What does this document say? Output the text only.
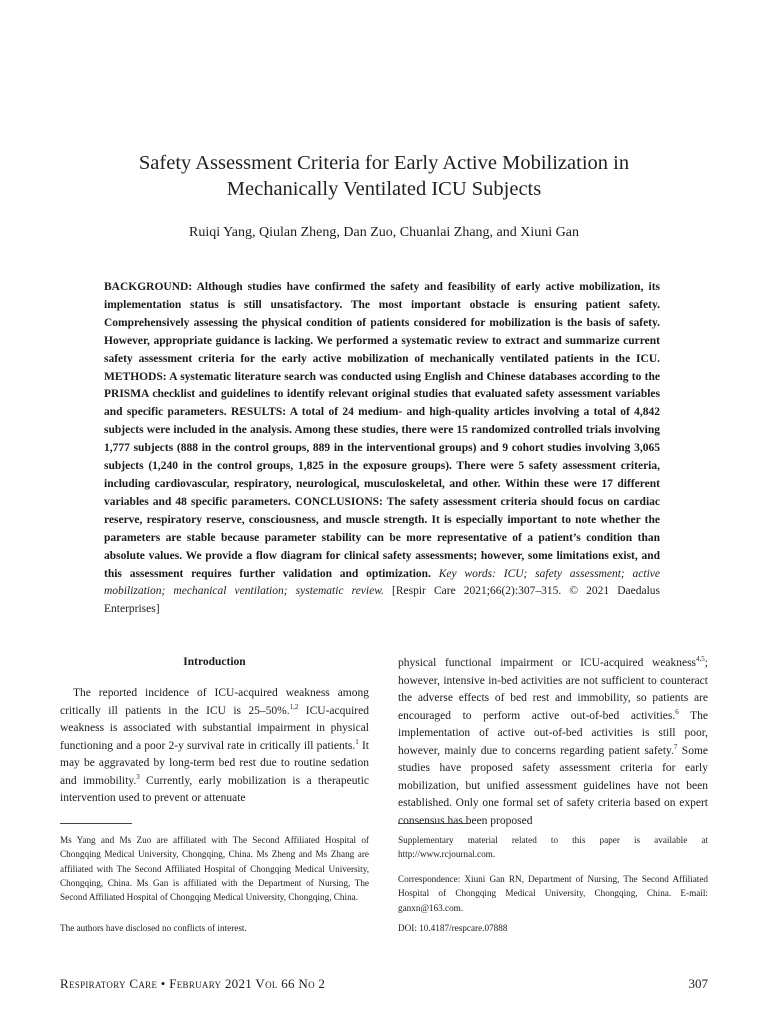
Safety Assessment Criteria for Early Active Mobilization in
Mechanically Ventilated ICU Subjects
Ruiqi Yang, Qiulan Zheng, Dan Zuo, Chuanlai Zhang, and Xiuni Gan
BACKGROUND: Although studies have confirmed the safety and feasibility of early active mobilization, its implementation status is still unsatisfactory. The most important obstacle is ensuring patient safety. Comprehensively assessing the physical condition of patients considered for mobilization is the basis of safety. However, appropriate guidance is lacking. We performed a systematic review to extract and summarize current safety assessment criteria for the early active mobilization of mechanically ventilated patients in the ICU. METHODS: A systematic literature search was conducted using English and Chinese databases according to the PRISMA checklist and guidelines to identify relevant original studies that evaluated safety assessment variables and specific parameters. RESULTS: A total of 24 medium- and high-quality articles involving a total of 4,842 subjects were included in the analysis. Among these studies, there were 15 randomized controlled trials involving 1,777 subjects (888 in the control groups, 889 in the interventional groups) and 9 cohort studies involving 3,065 subjects (1,240 in the control groups, 1,825 in the exposure groups). There were 5 safety assessment criteria, including cardiovascular, respiratory, neurological, musculoskeletal, and other. Within these were 17 different variables and 48 specific parameters. CONCLUSIONS: The safety assessment criteria should focus on cardiac reserve, respiratory reserve, consciousness, and muscle strength. It is especially important to note whether the parameters are stable because parameter stability can be more representative of a patient’s condition than absolute values. We provide a flow diagram for clinical safety assessments; however, some limitations exist, and this assessment requires further validation and optimization. Key words: ICU; safety assessment; active mobilization; mechanical ventilation; systematic review. [Respir Care 2021;66(2):307–315. © 2021 Daedalus Enterprises]
Introduction
The reported incidence of ICU-acquired weakness among critically ill patients in the ICU is 25–50%.$^{1,2}$ ICU-acquired weakness is associated with substantial impairment in physical functioning and a poor 2-y survival rate in critically ill patients.$^1$ It may be aggravated by long-term bed rest due to routine sedation and immobility.$^3$ Currently, early mobilization is a therapeutic intervention used to prevent or attenuate
physical functional impairment or ICU-acquired weakness$^{4,5}$; however, intensive in-bed activities are not sufficient to counteract the adverse effects of bed rest and immobility, so patients are encouraged to perform active out-of-bed activities.$^6$ The implementation of active out-of-bed activities is still poor, however, mainly due to concerns regarding patient safety.$^7$ Some studies have proposed safety assessment criteria for early mobilization, but unified assessment guidelines have not been established. Only one formal set of safety criteria based on expert consensus has been proposed
Ms Yang and Ms Zuo are affiliated with The Second Affiliated Hospital of Chongqing Medical University, Chongqing, China. Ms Zheng and Ms Zhang are affiliated with The Second Affiliated Hospital of Chongqing Medical University, Chongqing, China. Ms Gan is affiliated with the Department of Nursing, The Second Affiliated Hospital of Chongqing Medical University, Chongqing, China.
The authors have disclosed no conflicts of interest.
Supplementary material related to this paper is available at http://www.rcjournal.com.
Correspondence: Xiuni Gan RN, Department of Nursing, The Second Affiliated Hospital of Chongqing Medical University, Chongqing, China. E-mail: ganxn@163.com.
DOI: 10.4187/respcare.07888
Respiratory Care • February 2021 Vol 66 No 2	307
